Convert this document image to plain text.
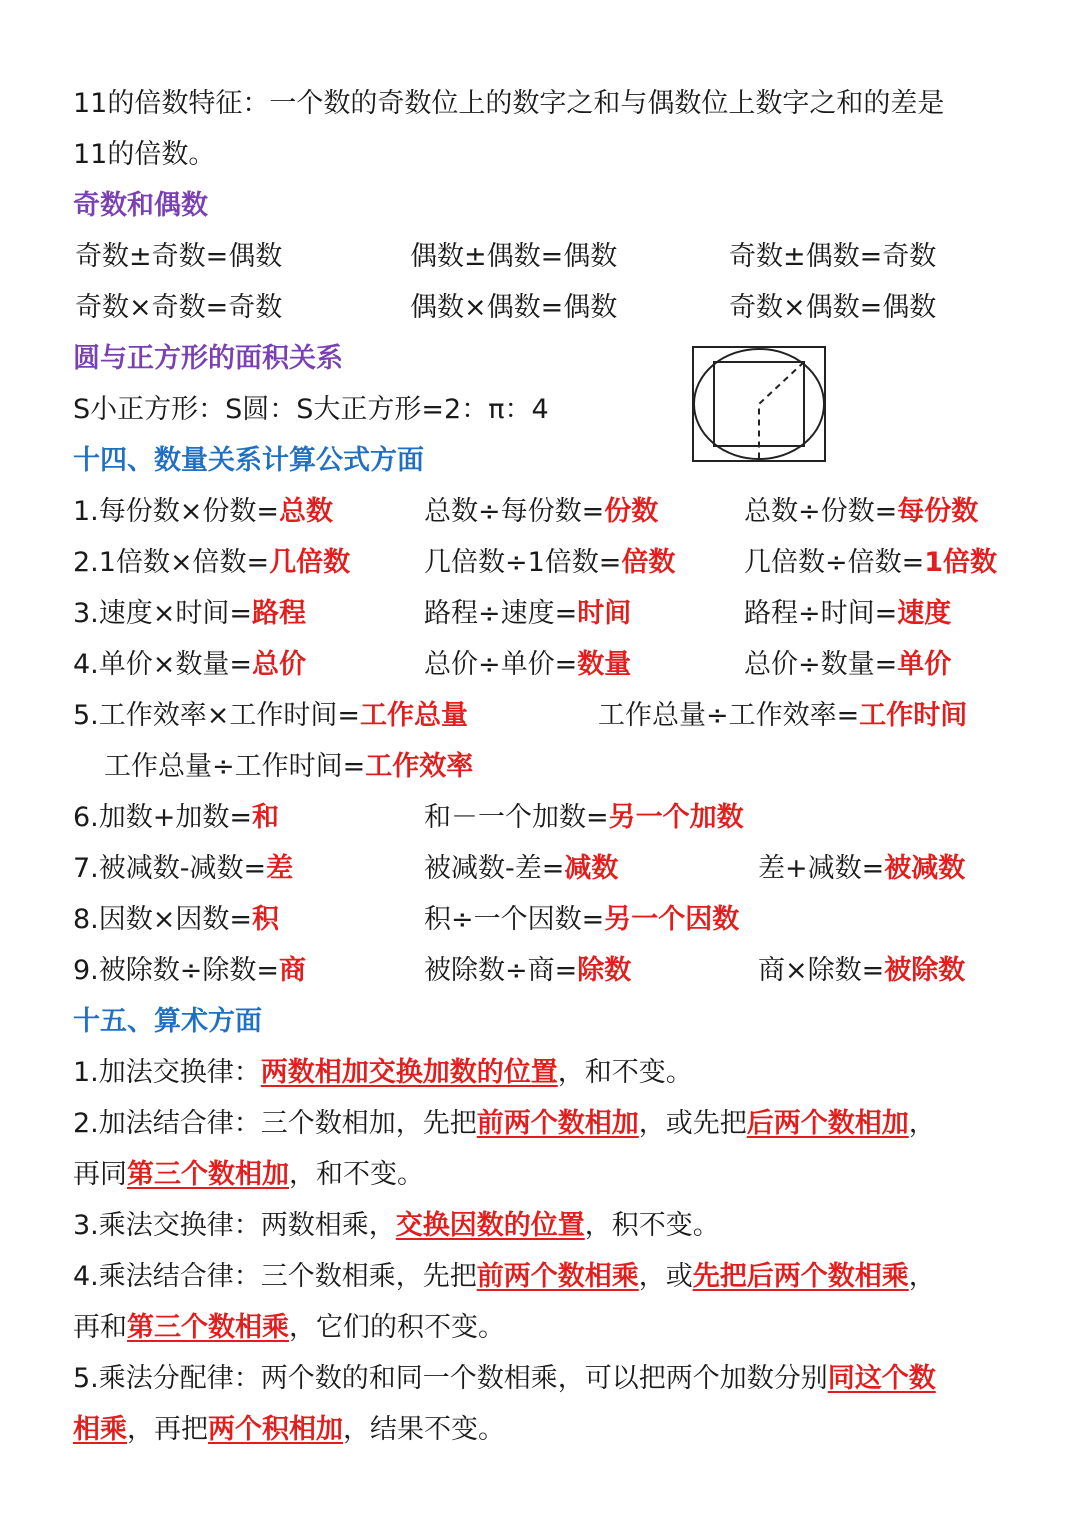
11的倍数特征：一个数的奇数位上的数字之和与偶数位上数字之和的差是
11的倍数。
奇数和偶数
奇数±奇数=偶数	偶数±偶数=偶数	奇数±偶数=奇数
奇数×奇数=奇数	偶数×偶数=偶数	奇数×偶数=偶数
圆与正方形的面积关系
S小正方形：S圆：S大正方形=2：π：4
十四、数量关系计算公式方面
1.每份数×份数=总数	总数÷每份数=份数	总数÷份数=每份数
2.1倍数×倍数=几倍数	几倍数÷1倍数=倍数	几倍数÷倍数=1倍数
3.速度×时间=路程	路程÷速度=时间	路程÷时间=速度
4.单价×数量=总价	总价÷单价=数量	总价÷数量=单价
5.工作效率×工作时间=工作总量	工作总量÷工作效率=工作时间
工作总量÷工作时间=工作效率
6.加数+加数=和	和－一个加数=另一个加数
7.被减数-减数=差	被减数-差=减数	差+减数=被减数
8.因数×因数=积	积÷一个因数=另一个因数
9.被除数÷除数=商	被除数÷商=除数	商×除数=被除数
十五、算术方面
1.加法交换律：两数相加交换加数的位置，和不变。
2.加法结合律：三个数相加，先把前两个数相加，或先把后两个数相加，
再同第三个数相加，和不变。
3.乘法交换律：两数相乘，交换因数的位置，积不变。
4.乘法结合律：三个数相乘，先把前两个数相乘，或先把后两个数相乘，
再和第三个数相乘，它们的积不变。
5.乘法分配律：两个数的和同一个数相乘，可以把两个加数分别同这个数
相乘，再把两个积相加，结果不变。
